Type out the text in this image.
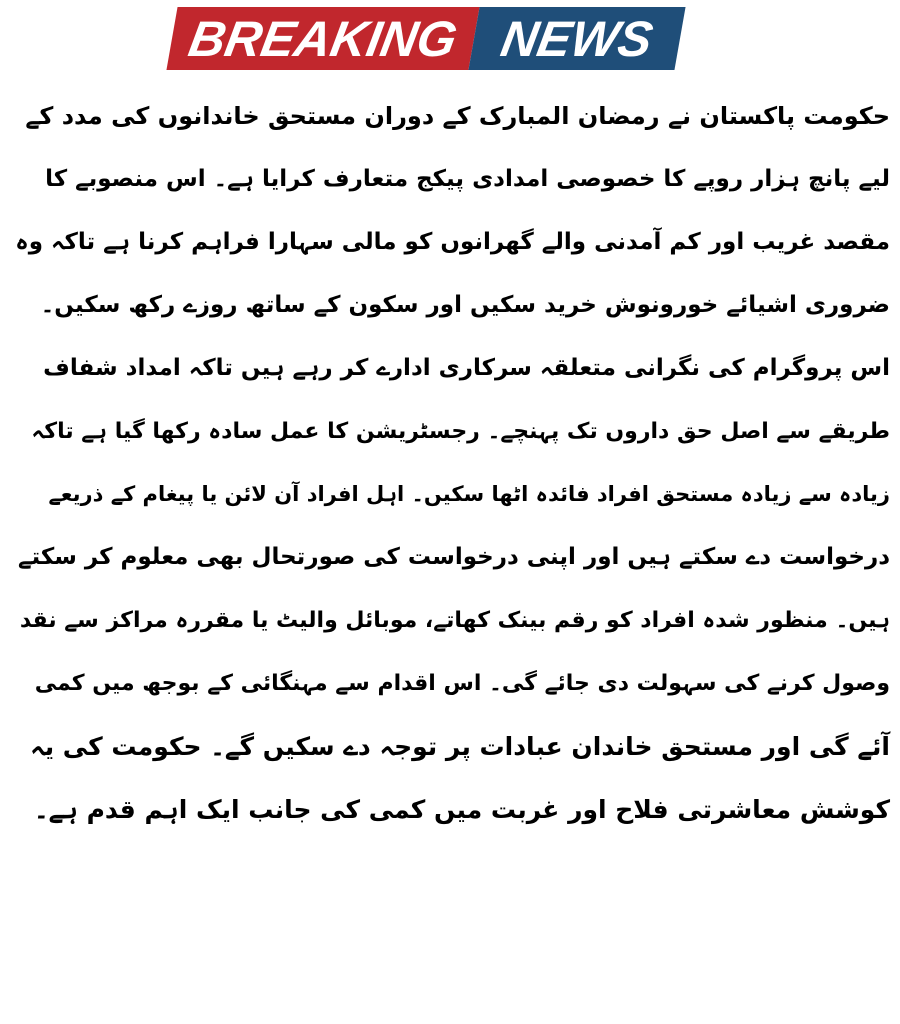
BREAKING NEWS
حکومت پاکستان نے رمضان المبارک کے دوران مستحق خاندانوں کی مدد کے
لیے پانچ ہزار روپے کا خصوصی امدادی پیکج متعارف کرایا ہے۔ اس منصوبے کا
مقصد غریب اور کم آمدنی والے گھرانوں کو مالی سہارا فراہم کرنا ہے تاکہ وہ
ضروری اشیائے خورونوش خرید سکیں اور سکون کے ساتھ روزے رکھ سکیں۔
اس پروگرام کی نگرانی متعلقہ سرکاری ادارے کر رہے ہیں تاکہ امداد شفاف
طریقے سے اصل حق داروں تک پہنچے۔ رجسٹریشن کا عمل سادہ رکھا گیا ہے تاکہ
زیادہ سے زیادہ مستحق افراد فائدہ اٹھا سکیں۔ اہل افراد آن لائن یا پیغام کے ذریعے
درخواست دے سکتے ہیں اور اپنی درخواست کی صورتحال بھی معلوم کر سکتے
ہیں۔ منظور شدہ افراد کو رقم بینک کھاتے، موبائل والیٹ یا مقررہ مراکز سے نقد
وصول کرنے کی سہولت دی جائے گی۔ اس اقدام سے مہنگائی کے بوجھ میں کمی
آئے گی اور مستحق خاندان عبادات پر توجہ دے سکیں گے۔ حکومت کی یہ
کوشش معاشرتی فلاح اور غربت میں کمی کی جانب ایک اہم قدم ہے۔
